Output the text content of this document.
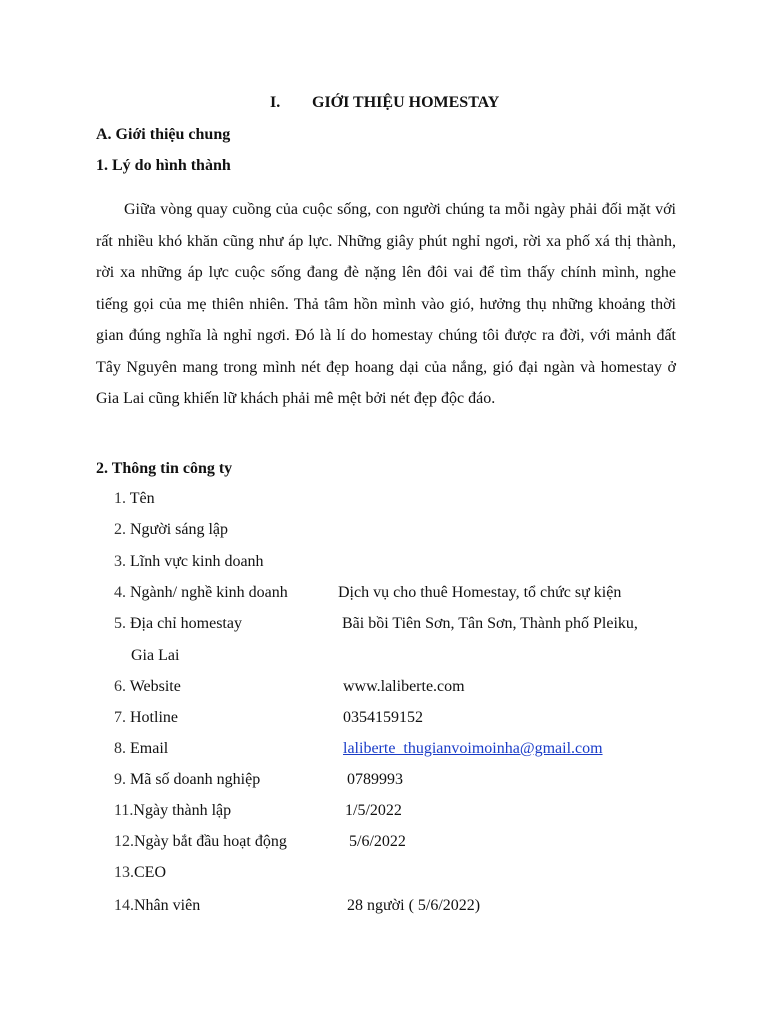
I. GIỚI THIỆU HOMESTAY
A. Giới thiệu chung
1. Lý do hình thành
Giữa vòng quay cuồng của cuộc sống, con người chúng ta mỗi ngày phải đối mặt với rất nhiều khó khăn cũng như áp lực. Những giây phút nghỉ ngơi, rời xa phố xá thị thành, rời xa những áp lực cuộc sống đang đè nặng lên đôi vai để tìm thấy chính mình, nghe tiếng gọi của mẹ thiên nhiên. Thả tâm hồn mình vào gió, hưởng thụ những khoảng thời gian đúng nghĩa là nghỉ ngơi. Đó là lí do homestay chúng tôi được ra đời, với mảnh đất Tây Nguyên mang trong mình nét đẹp hoang dại của nắng, gió đại ngàn và homestay ở Gia Lai cũng khiến lữ khách phải mê mệt bởi nét đẹp độc đáo.
2. Thông tin công ty
1. Tên
2. Người sáng lập
3. Lĩnh vực kinh doanh
4. Ngành/ nghề kinh doanh	Dịch vụ cho thuê Homestay, tổ chức sự kiện
5. Địa chỉ homestay	Bãi bồi Tiên Sơn, Tân Sơn, Thành phố Pleiku,
Gia Lai
6. Website	www.laliberte.com
7. Hotline	0354159152
8. Email	laliberte_thugianvoimoinha@gmail.com
9. Mã số doanh nghiệp	0789993
11.Ngày thành lập	1/5/2022
12.Ngày bắt đầu hoạt động	5/6/2022
13.CEO
14.Nhân viên	28 người ( 5/6/2022)
